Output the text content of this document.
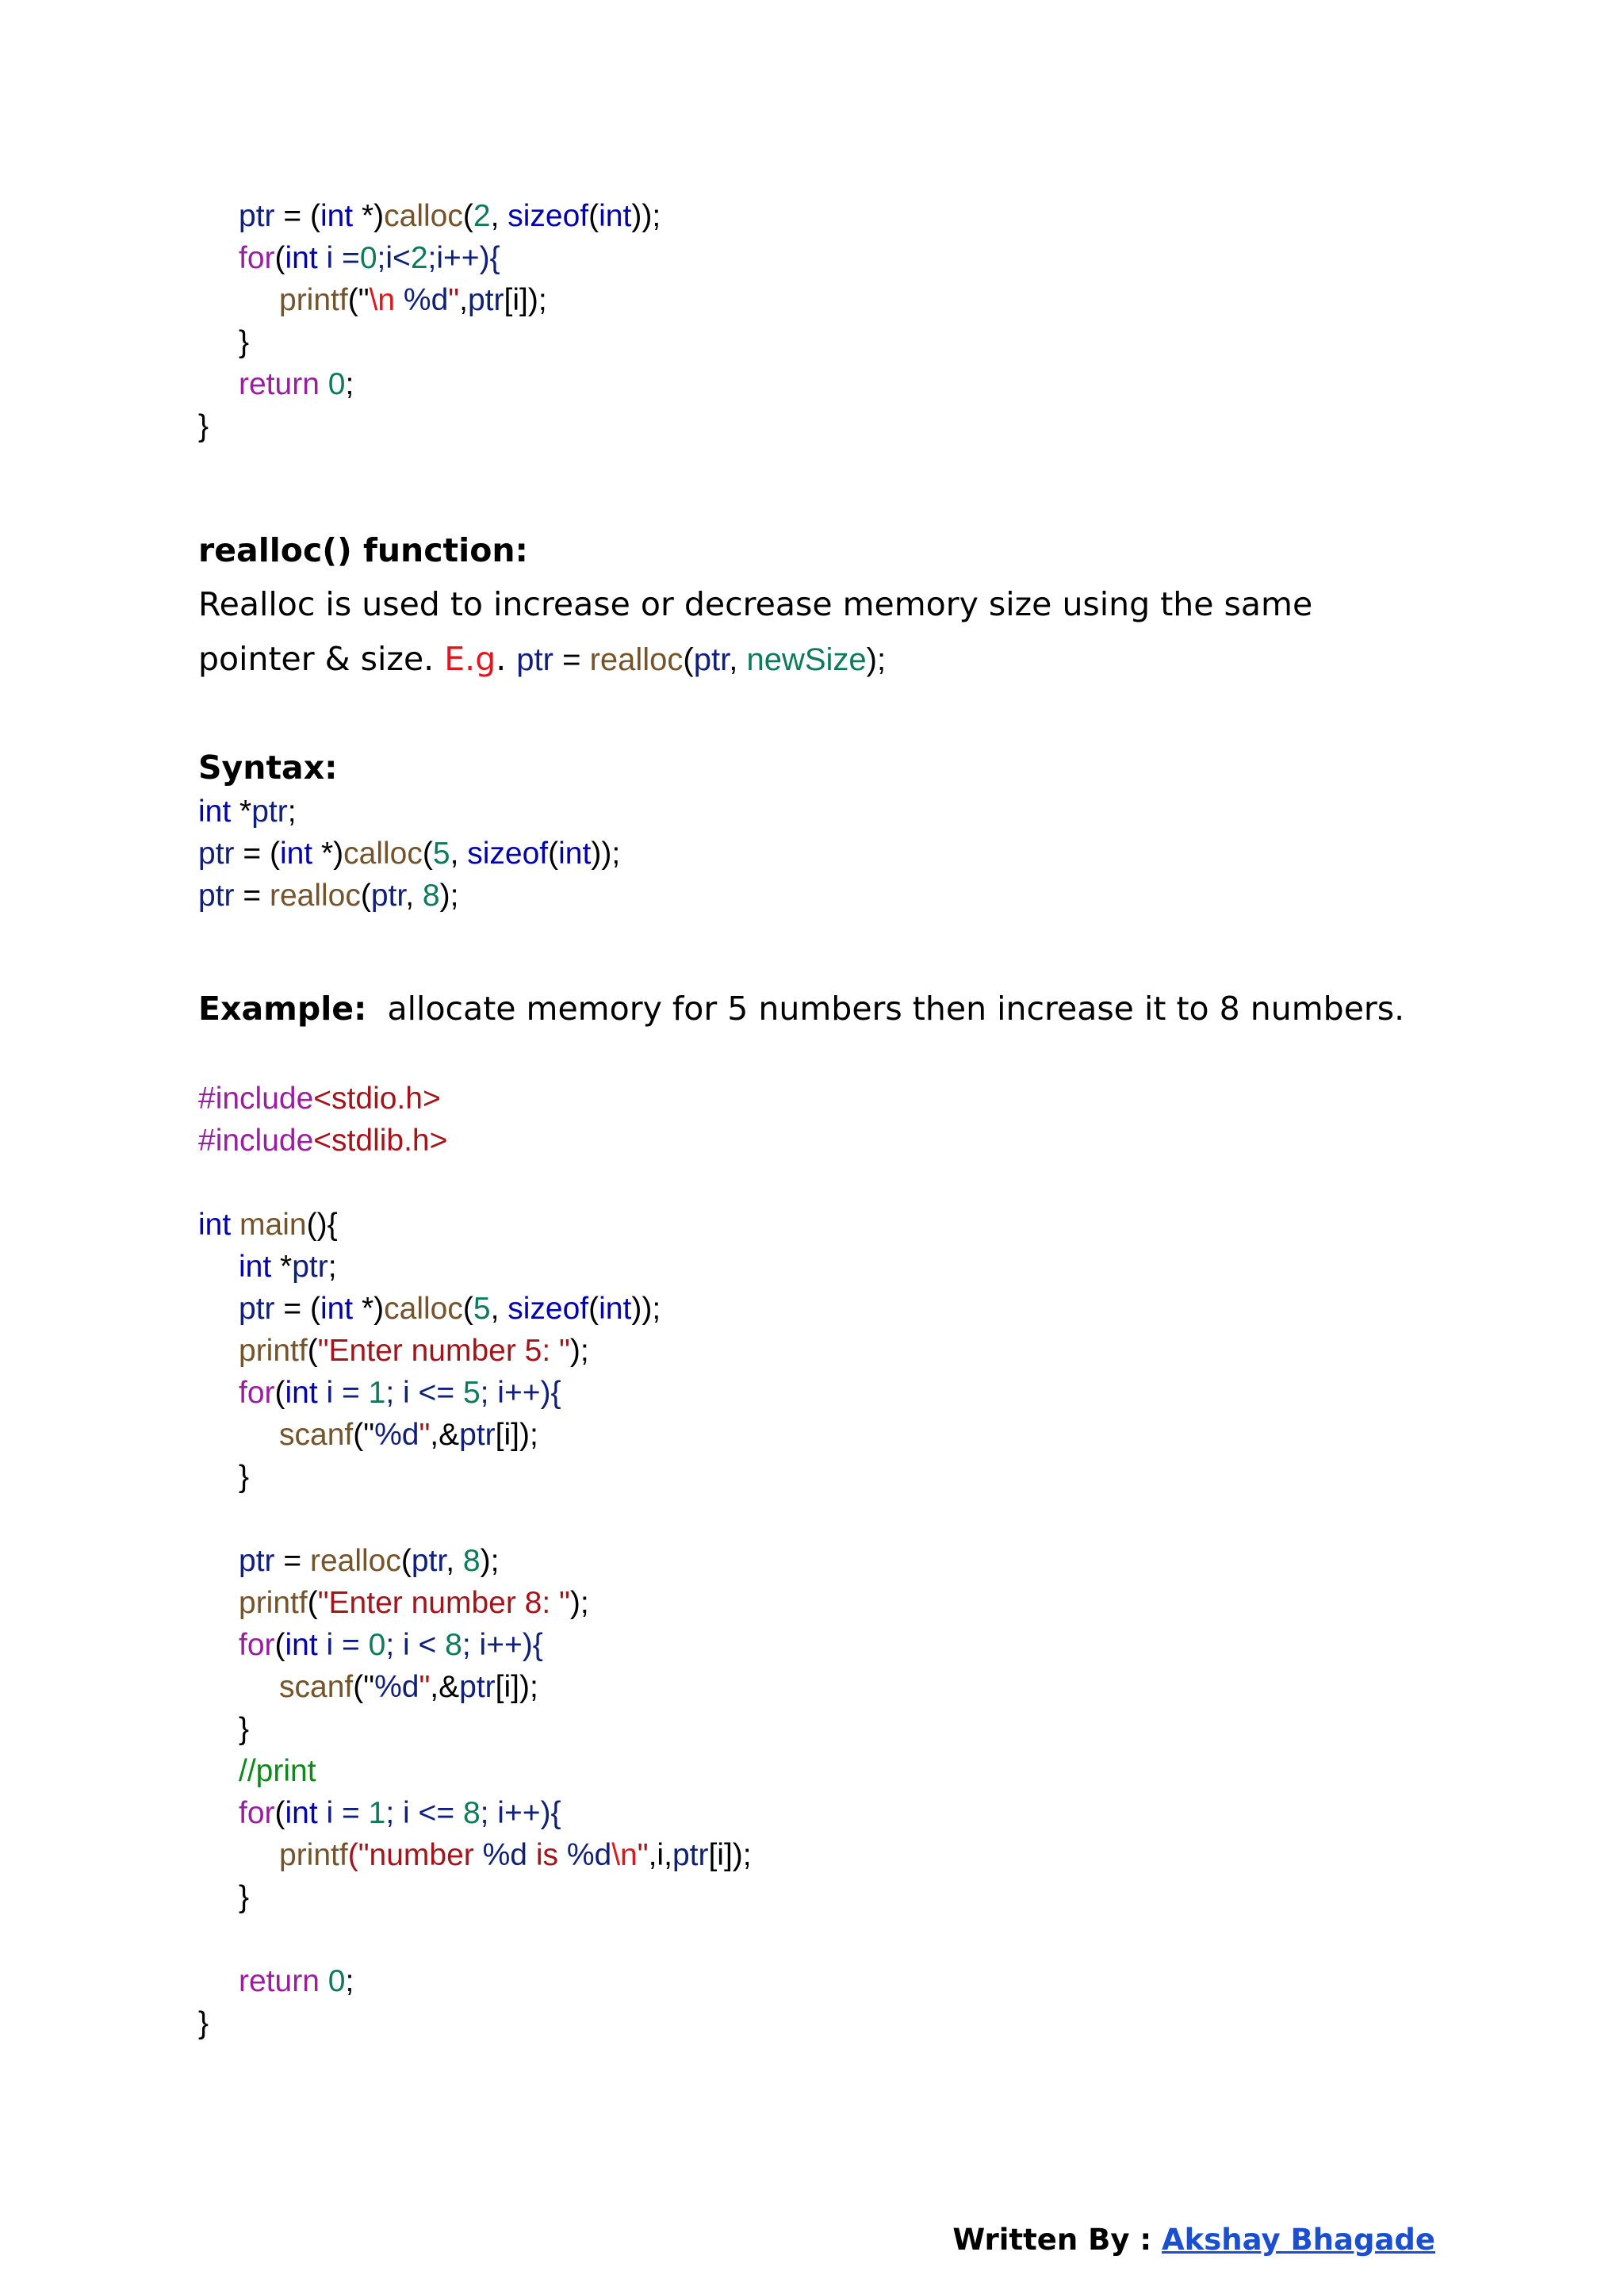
ptr = (int *)calloc(2, sizeof(int));
for(int i =0;i<2;i++){
printf("\n %d",ptr[i]);
}
return 0;
}
realloc() function:
Realloc is used to increase or decrease memory size using the same
pointer & size. E.g. ptr = realloc(ptr, newSize);
Syntax:
int *ptr;
ptr = (int *)calloc(5, sizeof(int));
ptr = realloc(ptr, 8);
Example: allocate memory for 5 numbers then increase it to 8 numbers.
#include<stdio.h>
#include<stdlib.h>
int main(){
int *ptr;
ptr = (int *)calloc(5, sizeof(int));
printf("Enter number 5: ");
for(int i = 1; i <= 5; i++){
scanf("%d",&ptr[i]);
}
ptr = realloc(ptr, 8);
printf("Enter number 8: ");
for(int i = 0; i < 8; i++){
scanf("%d",&ptr[i]);
}
//print
for(int i = 1; i <= 8; i++){
printf("number %d is %d\n",i,ptr[i]);
}
return 0;
}
Written By : Akshay Bhagade
